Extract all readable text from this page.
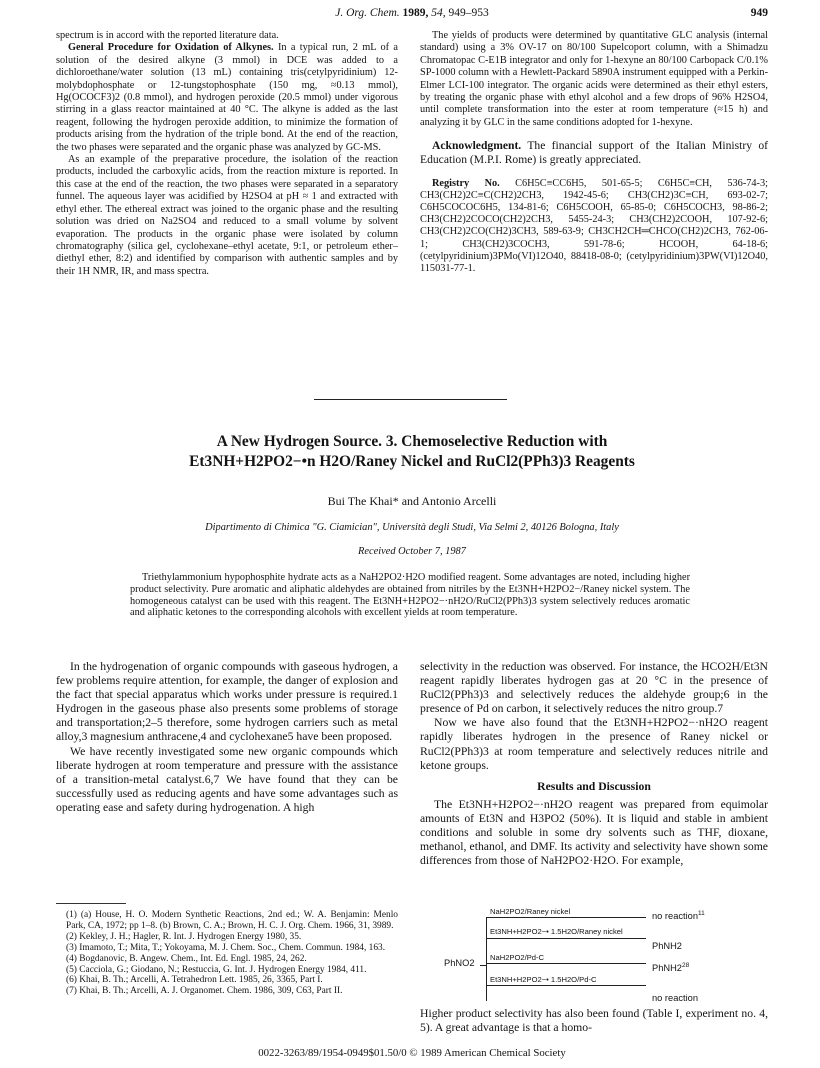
J. Org. Chem. 1989, 54, 949–953	949

spectrum is in accord with the reported literature data.

General Procedure for Oxidation of Alkynes. In a typical run, 2 mL of a solution of the desired alkyne (3 mmol) in DCE was added to a dichloroethane/water solution (13 mL) containing tris(cetylpyridinium) 12-molybdophosphate or 12-tungstophosphate (150 mg, ≈0.13 mmol), Hg(OCOCF3)2 (0.8 mmol), and hydrogen peroxide (20.5 mmol) under vigorous stirring in a glass reactor maintained at 40 °C. The alkyne is added as the last reagent, following the hydrogen peroxide addition, to minimize the formation of products arising from the hydration of the triple bond. At the end of the reaction, the two phases were separated and the organic phase was analyzed by GC-MS.

As an example of the preparative procedure, the isolation of the reaction products, included the carboxylic acids, from the reaction mixture is reported. In this case at the end of the reaction, the two phases were separated in a separatory funnel. The aqueous layer was acidified by H2SO4 at pH ≈ 1 and extracted with ethyl ether. The ethereal extract was joined to the organic phase and the resulting solution was dried on Na2SO4 and reduced to a small volume by solvent evaporation. The products in the organic phase were isolated by column chromatography (silica gel, cyclohexane–ethyl acetate, 9:1, or petroleum ether–diethyl ether, 8:2) and identified by comparison with authentic samples and by their 1H NMR, IR, and mass spectra.

The yields of products were determined by quantitative GLC analysis (internal standard) using a 3% OV-17 on 80/100 Supelcoport column, with a Shimadzu Chromatopac C-E1B integrator and only for 1-hexyne an 80/100 Carbopack C/0.1% SP-1000 column with a Hewlett-Packard 5890A instrument equipped with a Perkin-Elmer LCI-100 integrator. The organic acids were determined as their ethyl esters, by treating the organic phase with ethyl alcohol and a few drops of 96% H2SO4, until complete transformation into the ester at room temperature (≈15 h) and analyzing it by GLC in the same conditions adopted for 1-hexyne.

Acknowledgment. The financial support of the Italian Ministry of Education (M.P.I. Rome) is greatly appreciated.

Registry No. C6H5C≡CC6H5, 501-65-5; C6H5C≡CH, 536-74-3; CH3(CH2)2C≡C(CH2)2CH3, 1942-45-6; CH3(CH2)3C≡CH, 693-02-7; C6H5COCOC6H5, 134-81-6; C6H5COOH, 65-85-0; C6H5COCH3, 98-86-2; CH3(CH2)2COCO(CH2)2CH3, 5455-24-3; CH3(CH2)2COOH, 107-92-6; CH3(CH2)2CO(CH2)3CH3, 589-63-9; CH3CH2CH═CHCO(CH2)2CH3, 762-06-1; CH3(CH2)3COCH3, 591-78-6; HCOOH, 64-18-6; (cetylpyridinium)3PMo(VI)12O40, 88418-08-0; (cetylpyridinium)3PW(VI)12O40, 115031-77-1.

A New Hydrogen Source. 3. Chemoselective Reduction with
Et3NH+H2PO2−•n H2O/Raney Nickel and RuCl2(PPh3)3 Reagents
Bui The Khai* and Antonio Arcelli
Dipartimento di Chimica "G. Ciamician", Università degli Studi, Via Selmi 2, 40126 Bologna, Italy
Received October 7, 1987
Triethylammonium hypophosphite hydrate acts as a NaH2PO2·H2O modified reagent. Some advantages are noted, including higher product selectivity. Pure aromatic and aliphatic aldehydes are obtained from nitriles by the Et3NH+H2PO2−/Raney nickel system. The homogeneous catalyst can be used with this reagent. The Et3NH+H2PO2−·nH2O/RuCl2(PPh3)3 system selectively reduces aromatic and aliphatic ketones to the corresponding alcohols with excellent yields at room temperature.

In the hydrogenation of organic compounds with gaseous hydrogen, a few problems require attention, for example, the danger of explosion and the fact that special apparatus which works under pressure is required.1 Hydrogen in the gaseous phase also presents some problems of storage and transportation;2–5 therefore, some hydrogen carriers such as metal alloy,3 magnesium anthracene,4 and cyclohexane5 have been proposed.

We have recently investigated some new organic compounds which liberate hydrogen at room temperature and pressure with the assistance of a transition-metal catalyst.6,7 We have found that they can be successfully used as reducing agents and have some advantages such as operating ease and safety during hydrogenation. A high

(1) (a) House, H. O. Modern Synthetic Reactions, 2nd ed.; W. A. Benjamin: Menlo Park, CA, 1972; pp 1–8. (b) Brown, C. A.; Brown, H. C. J. Org. Chem. 1966, 31, 3989.

(2) Kekley, J. H.; Hagler, R. Int. J. Hydrogen Energy 1980, 35.

(3) Imamoto, T.; Mita, T.; Yokoyama, M. J. Chem. Soc., Chem. Commun. 1984, 163.

(4) Bogdanovic, B. Angew. Chem., Int. Ed. Engl. 1985, 24, 262.

(5) Cacciola, G.; Giodano, N.; Restuccia, G. Int. J. Hydrogen Energy 1984, 411.

(6) Khai, B. Th.; Arcelli, A. Tetrahedron Lett. 1985, 26, 3365, Part I.

(7) Khai, B. Th.; Arcelli, A. J. Organomet. Chem. 1986, 309, C63, Part II.

selectivity in the reduction was observed. For instance, the HCO2H/Et3N reagent rapidly liberates hydrogen gas at 20 °C in the presence of RuCl2(PPh3)3 and selectively reduces the aldehyde group;6 in the presence of Pd on carbon, it selectively reduces the nitro group.7

Now we have also found that the Et3NH+H2PO2−·nH2O reagent rapidly liberates hydrogen in the presence of Raney nickel or RuCl2(PPh3)3 at room temperature and selectively reduces nitrile and ketone groups.

Results and Discussion

The Et3NH+H2PO2−·nH2O reagent was prepared from equimolar amounts of Et3N and H3PO2 (50%). It is liquid and stable in ambient conditions and soluble in some dry solvents such as THF, dioxane, methanol, ethanol, and DMF. Its activity and selectivity have shown some differences from those of NaH2PO2·H2O. For example,

PhNO2
NaH2PO2/Raney nickel	no reaction$^{11}$
Et3NH+H2PO2−• 1.5H2O/Raney nickel
PhNH2
NaH2PO2/Pd-C
$PhNH2^{28}$
Et3NH+H2PO2−• 1.5H2O/Pd-C
no reaction
Higher product selectivity has also been found (Table I, experiment no. 4, 5). A great advantage is that a homo-
0022-3263/89/1954-0949$01.50/0 © 1989 American Chemical Society
